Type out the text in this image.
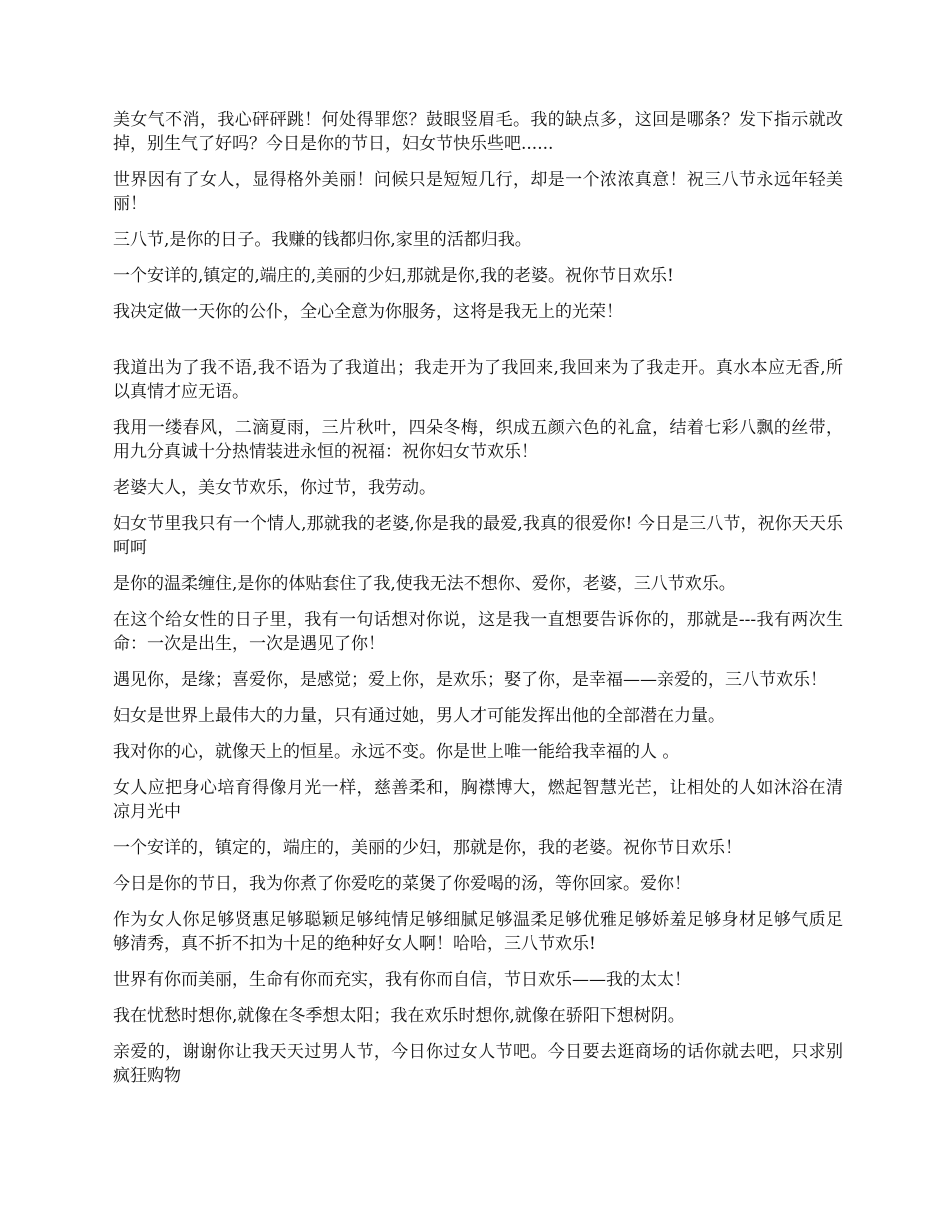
美女气不消，我心砰砰跳！何处得罪您？鼓眼竖眉毛。我的缺点多，这回是哪条？发下指示就改掉，别生气了好吗？今日是你的节日，妇女节快乐些吧......

世界因有了女人，显得格外美丽！问候只是短短几行，却是一个浓浓真意！祝三八节永远年轻美丽！

三八节,是你的日子。我赚的钱都归你,家里的活都归我。

一个安详的,镇定的,端庄的,美丽的少妇,那就是你,我的老婆。祝你节日欢乐!

我决定做一天你的公仆，全心全意为你服务，这将是我无上的光荣！

我道出为了我不语,我不语为了我道出；我走开为了我回来,我回来为了我走开。真水本应无香,所以真情才应无语。

我用一缕春风，二滴夏雨，三片秋叶，四朵冬梅，织成五颜六色的礼盒，结着七彩八飘的丝带，用九分真诚十分热情装进永恒的祝福：祝你妇女节欢乐！

老婆大人，美女节欢乐，你过节，我劳动。

妇女节里我只有一个情人,那就我的老婆,你是我的最爱,我真的很爱你! 今日是三八节，祝你天天乐呵呵

是你的温柔缠住,是你的体贴套住了我,使我无法不想你、爱你，老婆，三八节欢乐。

在这个给女性的日子里，我有一句话想对你说，这是我一直想要告诉你的，那就是---我有两次生命：一次是出生，一次是遇见了你！

遇见你，是缘；喜爱你，是感觉；爱上你，是欢乐；娶了你，是幸福——亲爱的，三八节欢乐！

妇女是世界上最伟大的力量，只有通过她，男人才可能发挥出他的全部潜在力量。

我对你的心，就像天上的恒星。永远不变。你是世上唯一能给我幸福的人 。

女人应把身心培育得像月光一样，慈善柔和，胸襟博大，燃起智慧光芒，让相处的人如沐浴在清凉月光中

一个安详的，镇定的，端庄的，美丽的少妇，那就是你，我的老婆。祝你节日欢乐！

今日是你的节日，我为你煮了你爱吃的菜煲了你爱喝的汤，等你回家。爱你！

作为女人你足够贤惠足够聪颖足够纯情足够细腻足够温柔足够优雅足够娇羞足够身材足够气质足够清秀，真不折不扣为十足的绝种好女人啊！哈哈，三八节欢乐!

世界有你而美丽，生命有你而充实，我有你而自信，节日欢乐——我的太太！

我在忧愁时想你,就像在冬季想太阳；我在欢乐时想你,就像在骄阳下想树阴。

亲爱的，谢谢你让我天天过男人节，今日你过女人节吧。今日要去逛商场的话你就去吧，只求别疯狂购物
